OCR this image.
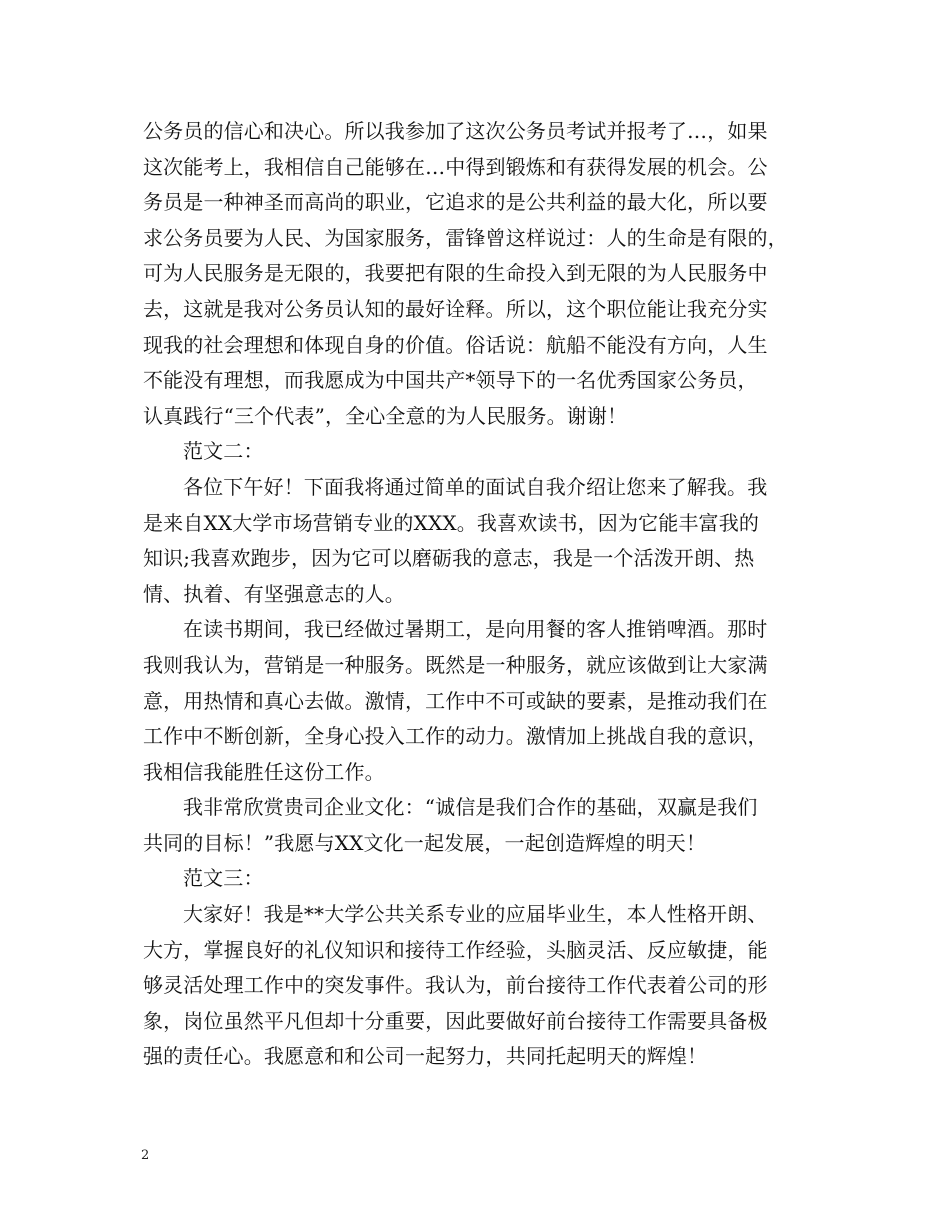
公务员的信心和决心。所以我参加了这次公务员考试并报考了…，如果
这次能考上，我相信自己能够在…中得到锻炼和有获得发展的机会。公
务员是一种神圣而高尚的职业，它追求的是公共利益的最大化，所以要
求公务员要为人民、为国家服务，雷锋曾这样说过：人的生命是有限的，
可为人民服务是无限的，我要把有限的生命投入到无限的为人民服务中
去，这就是我对公务员认知的最好诠释。所以，这个职位能让我充分实
现我的社会理想和体现自身的价值。俗话说：航船不能没有方向，人生
不能没有理想，而我愿成为中国共产*领导下的一名优秀国家公务员，
认真践行“三个代表”，全心全意的为人民服务。谢谢！
范文二：
各位下午好！下面我将通过简单的面试自我介绍让您来了解我。我
是来自XX大学市场营销专业的XXX。我喜欢读书，因为它能丰富我的
知识;我喜欢跑步，因为它可以磨砺我的意志，我是一个活泼开朗、热
情、执着、有坚强意志的人。
在读书期间，我已经做过暑期工，是向用餐的客人推销啤酒。那时
我则我认为，营销是一种服务。既然是一种服务，就应该做到让大家满
意，用热情和真心去做。激情，工作中不可或缺的要素，是推动我们在
工作中不断创新，全身心投入工作的动力。激情加上挑战自我的意识，
我相信我能胜任这份工作。
我非常欣赏贵司企业文化：“诚信是我们合作的基础，双赢是我们
共同的目标！”我愿与XX文化一起发展，一起创造辉煌的明天！
范文三：
大家好！我是**大学公共关系专业的应届毕业生，本人性格开朗、
大方，掌握良好的礼仪知识和接待工作经验，头脑灵活、反应敏捷，能
够灵活处理工作中的突发事件。我认为，前台接待工作代表着公司的形
象，岗位虽然平凡但却十分重要，因此要做好前台接待工作需要具备极
强的责任心。我愿意和和公司一起努力，共同托起明天的辉煌！
2
